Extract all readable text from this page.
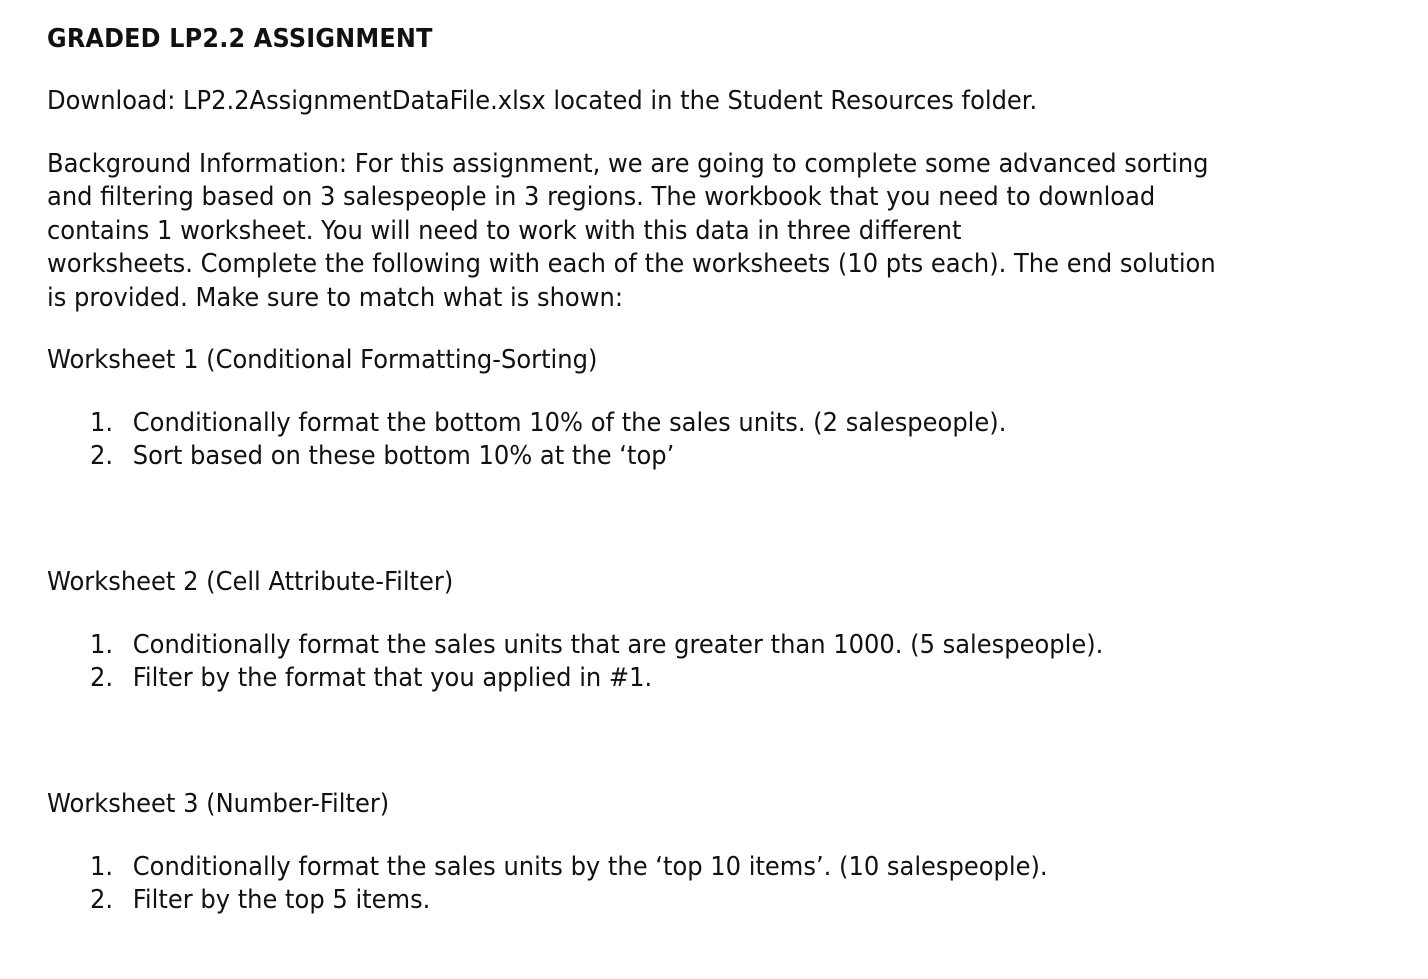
GRADED LP2.2 ASSIGNMENT
Download: LP2.2AssignmentDataFile.xlsx located in the Student Resources folder.
Background Information: For this assignment, we are going to complete some advanced sorting
and filtering based on 3 salespeople in 3 regions. The workbook that you need to download
contains 1 worksheet. You will need to work with this data in three different
worksheets. Complete the following with each of the worksheets (10 pts each). The end solution
is provided. Make sure to match what is shown:
Worksheet 1 (Conditional Formatting-Sorting)
1. Conditionally format the bottom 10% of the sales units. (2 salespeople).
2. Sort based on these bottom 10% at the ‘top’
Worksheet 2 (Cell Attribute-Filter)
1. Conditionally format the sales units that are greater than 1000. (5 salespeople).
2. Filter by the format that you applied in #1.
Worksheet 3 (Number-Filter)
1. Conditionally format the sales units by the ‘top 10 items’. (10 salespeople).
2. Filter by the top 5 items.
